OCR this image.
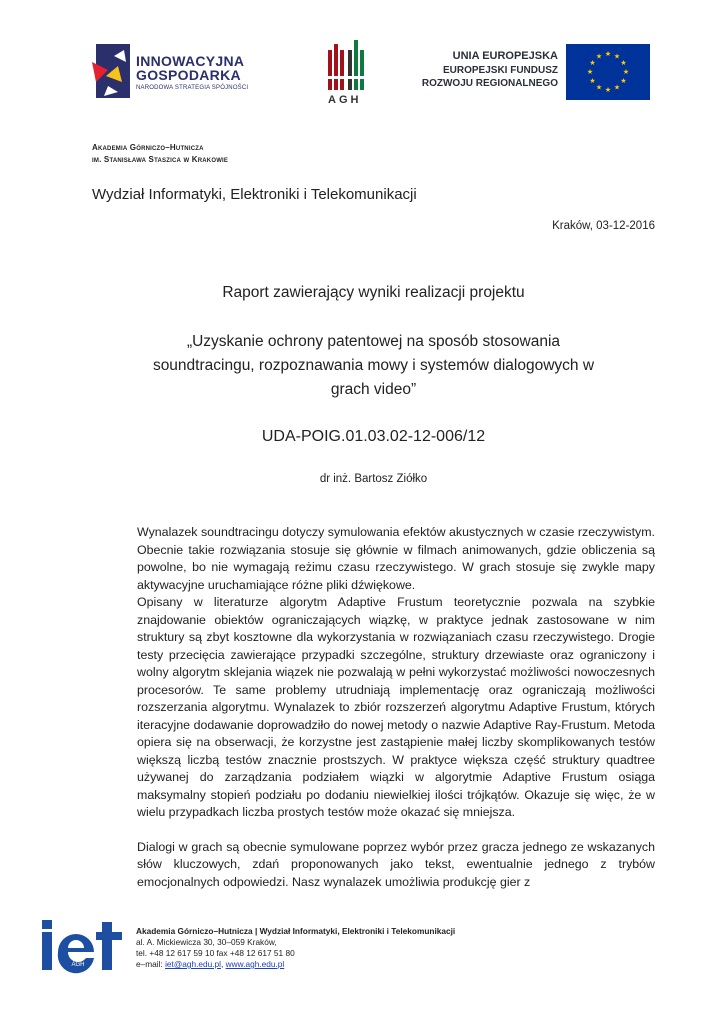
INNOWACYJNA
GOSPODARKA
NARODOWA STRATEGIA SPÓJNOŚCI
AGH
UNIA EUROPEJSKA
EUROPEJSKI FUNDUSZ
ROZWOJU REGIONALNEGO
★ ★
★
★
★
★
★
★
★
★
★
★
Akademia Górniczo–Hutnicza
im. Stanisława Staszica w Krakowie
Wydział Informatyki, Elektroniki i Telekomunikacji
Kraków, 03-12-2016
Raport zawierający wyniki realizacji projektu
„Uzyskanie ochrony patentowej na sposób stosowania
soundtracingu, rozpoznawania mowy i systemów dialogowych w
grach video”
UDA-POIG.01.03.02-12-006/12
dr inż. Bartosz Ziółko

Wynalazek soundtracingu dotyczy symulowania efektów akustycznych w czasie rzeczywistym. Obecnie takie rozwiązania stosuje się głównie w filmach animowanych, gdzie obliczenia są powolne, bo nie wymagają reżimu czasu rzeczywistego. W grach stosuje się zwykle mapy aktywacyjne uruchamiające różne pliki dźwiękowe.

Opisany w literaturze algorytm Adaptive Frustum teoretycznie pozwala na szybkie znajdowanie obiektów ograniczających wiązkę, w praktyce jednak zastosowane w nim struktury są zbyt kosztowne dla wykorzystania w rozwiązaniach czasu rzeczywistego. Drogie testy przecięcia zawierające przypadki szczególne, struktury drzewiaste oraz ograniczony i wolny algorytm sklejania wiązek nie pozwalają w pełni wykorzystać możliwości nowoczesnych procesorów. Te same problemy utrudniają implementację oraz ograniczają możliwości rozszerzania algorytmu. Wynalazek to zbiór rozszerzeń algorytmu Adaptive Frustum, których iteracyjne dodawanie doprowadziło do nowej metody o nazwie Adaptive Ray-Frustum. Metoda opiera się na obserwacji, że korzystne jest zastąpienie małej liczby skomplikowanych testów większą liczbą testów znacznie prostszych. W praktyce większa część struktury quadtree używanej do zarządzania podziałem wiązki w algorytmie Adaptive Frustum osiąga maksymalny stopień podziału po dodaniu niewielkiej ilości trójkątów. Okazuje się więc, że w wielu przypadkach liczba prostych testów może okazać się mniejsza.

Dialogi w grach są obecnie symulowane poprzez wybór przez gracza jednego ze wskazanych słów kluczowych, zdań proponowanych jako tekst, ewentualnie jednego z trybów emocjonalnych odpowiedzi. Nasz wynalazek umożliwia produkcję gier z

AGH
Akademia Górniczo–Hutnicza | Wydział Informatyki, Elektroniki i Telekomunikacji
al. A. Mickiewicza 30, 30–059 Kraków,
tel. +48 12 617 59 10 fax +48 12 617 51 80
e–mail: iet@agh.edu.pl, www.agh.edu.pl
